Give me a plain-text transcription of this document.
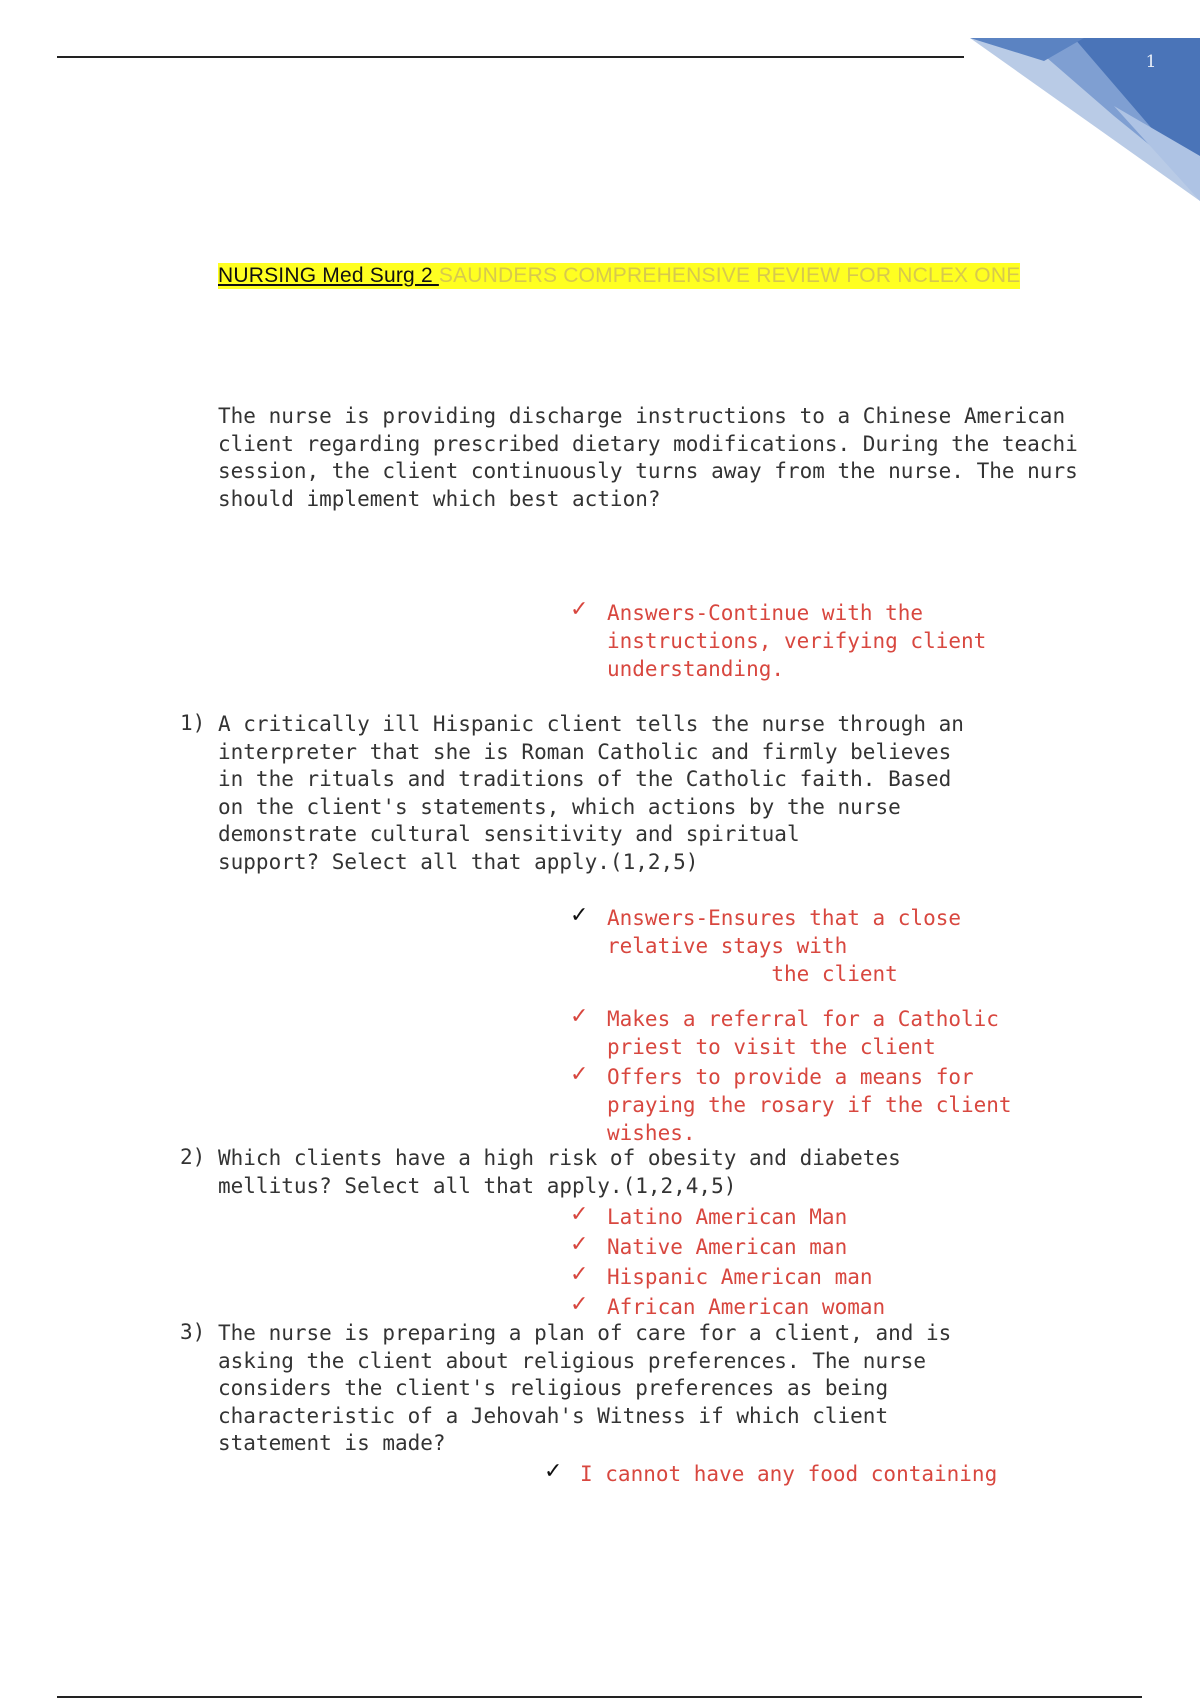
1
NURSING Med Surg 2 SAUNDERS COMPREHENSIVE REVIEW FOR NCLEX ONE
The nurse is providing discharge instructions to a Chinese American
client regarding prescribed dietary modifications. During the teachi
session, the client continuously turns away from the nurse. The nurs
should implement which best action?
✓ Answers-Continue with the
instructions, verifying client
understanding.
1) A critically ill Hispanic client tells the nurse through an
interpreter that she is Roman Catholic and firmly believes
in the rituals and traditions of the Catholic faith. Based
on the client's statements, which actions by the nurse
demonstrate cultural sensitivity and spiritual
support? Select all that apply.(1,2,5)
✓ Answers-Ensures that a close
relative stays with
the client
✓ Makes a referral for a Catholic
priest to visit the client
✓ Offers to provide a means for
praying the rosary if the client
wishes.
2) Which clients have a high risk of obesity and diabetes
mellitus? Select all that apply.(1,2,4,5)
✓ Latino American Man
✓ Native American man
✓ Hispanic American man
✓ African American woman
3) The nurse is preparing a plan of care for a client, and is
asking the client about religious preferences. The nurse
considers the client's religious preferences as being
characteristic of a Jehovah's Witness if which client
statement is made?
✓ I cannot have any food containing
